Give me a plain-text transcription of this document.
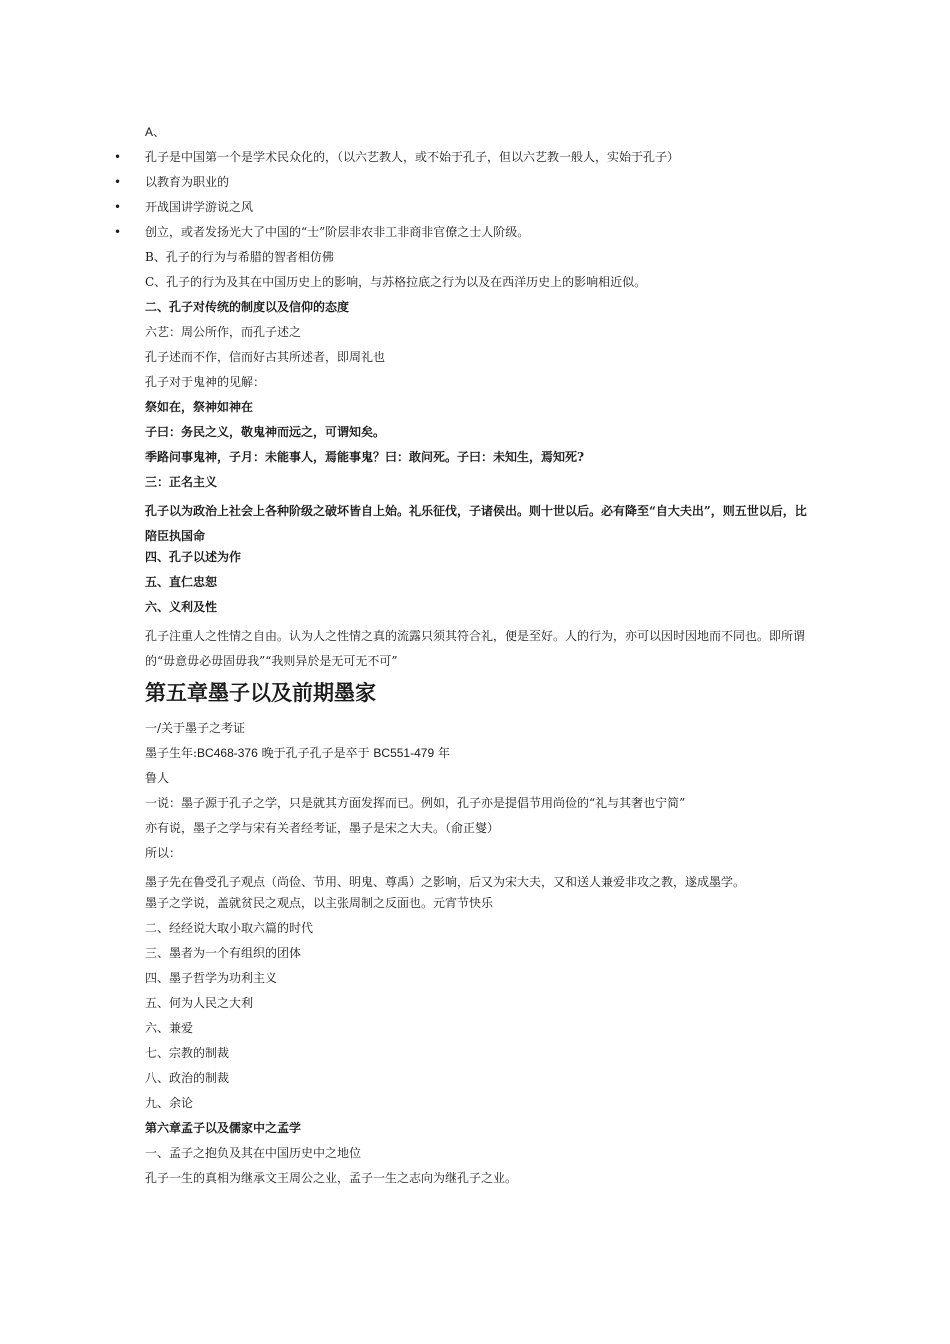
A、
• 孔子是中国第一个是学术民众化的，（以六艺教人，或不始于孔子，但以六艺教一般人，实始于孔子）
• 以教育为职业的
• 开战国讲学游说之风
• 创立，或者发扬光大了中国的“士”阶层非农非工非商非官僚之士人阶级。
B、孔子的行为与希腊的智者相仿佛
C、孔子的行为及其在中国历史上的影响，与苏格拉底之行为以及在西洋历史上的影响相近似。
二、孔子对传统的制度以及信仰的态度
六艺：周公所作，而孔子述之
孔子述而不作，信而好古其所述者，即周礼也
孔子对于鬼神的见解：
祭如在，祭神如神在
子曰：务民之义，敬鬼神而远之，可谓知矣。
季路问事鬼神，子月：未能事人，焉能事鬼？曰：敢问死。子曰：未知生，焉知死?
三：正名主义
孔子以为政治上社会上各种阶级之破坏皆自上始。礼乐征伐，子诸侯出。则十世以后。必有降至“自大夫出”，则五世以后，比陪臣执国命
四、孔子以述为作
五、直仁忠恕
六、义利及性
孔子注重人之性情之自由。认为人之性情之真的流露只须其符合礼，便是至好。人的行为，亦可以因时因地而不同也。即所谓的“毋意毋必毋固毋我”“我则异於是无可无不可”
第五章墨子以及前期墨家
一/关于墨子之考证
墨子生年:BC468-376 晚于孔子孔子是卒于 BC551-479 年
鲁人
一说：墨子源于孔子之学，只是就其方面发挥而已。例如，孔子亦是提倡节用尚俭的“礼与其奢也宁简”
亦有说，墨子之学与宋有关者经考证，墨子是宋之大夫。（俞正燮）
所以：
墨子先在鲁受孔子观点（尚俭、节用、明鬼、尊禹）之影响，后又为宋大夫，又和送人兼爱非攻之教，遂成墨学。
墨子之学说，盖就贫民之观点，以主张周制之反面也。元宵节快乐
二、经经说大取小取六篇的时代
三、墨者为一个有组织的团体
四、墨子哲学为功利主义
五、何为人民之大利
六、兼爱
七、宗教的制裁
八、政治的制裁
九、余论
第六章孟子以及儒家中之孟学
一、孟子之抱负及其在中国历史中之地位
孔子一生的真相为继承文王周公之业，孟子一生之志向为继孔子之业。
